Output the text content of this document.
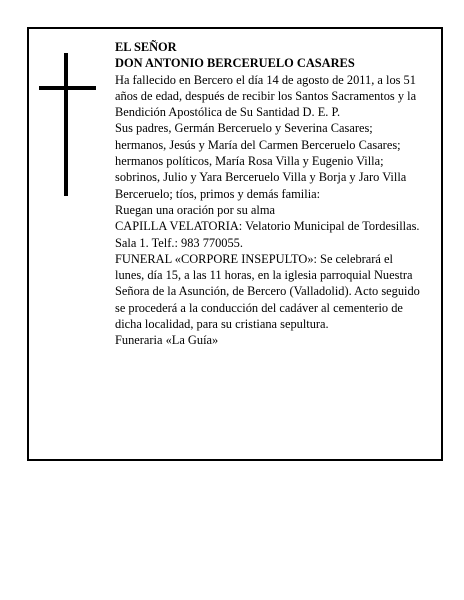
EL SEÑOR

DON ANTONIO BERCERUELO CASARES

Ha fallecido en Bercero el día 14 de agosto de 2011, a los 51 años de edad, después de recibir los Santos Sacramentos y la Bendición Apostólica de Su Santidad D. E. P.

Sus padres, Germán Berceruelo y Severina Casares; hermanos, Jesús y María del Carmen Berceruelo Casares; hermanos políticos, María Rosa Villa y Eugenio Villa; sobrinos, Julio y Yara Berceruelo Villa y Borja y Jaro Villa Berceruelo; tíos, primos y demás familia:

Ruegan una oración por su alma

CAPILLA VELATORIA: Velatorio Municipal de Tordesillas. Sala 1. Telf.: 983 770055.

FUNERAL «CORPORE INSEPULTO»: Se celebrará el lunes, día 15, a las 11 horas, en la iglesia parroquial Nuestra Señora de la Asunción, de Bercero (Valladolid). Acto seguido se procederá a la conducción del cadáver al cementerio de dicha localidad, para su cristiana sepultura.

Funeraria «La Guía»
